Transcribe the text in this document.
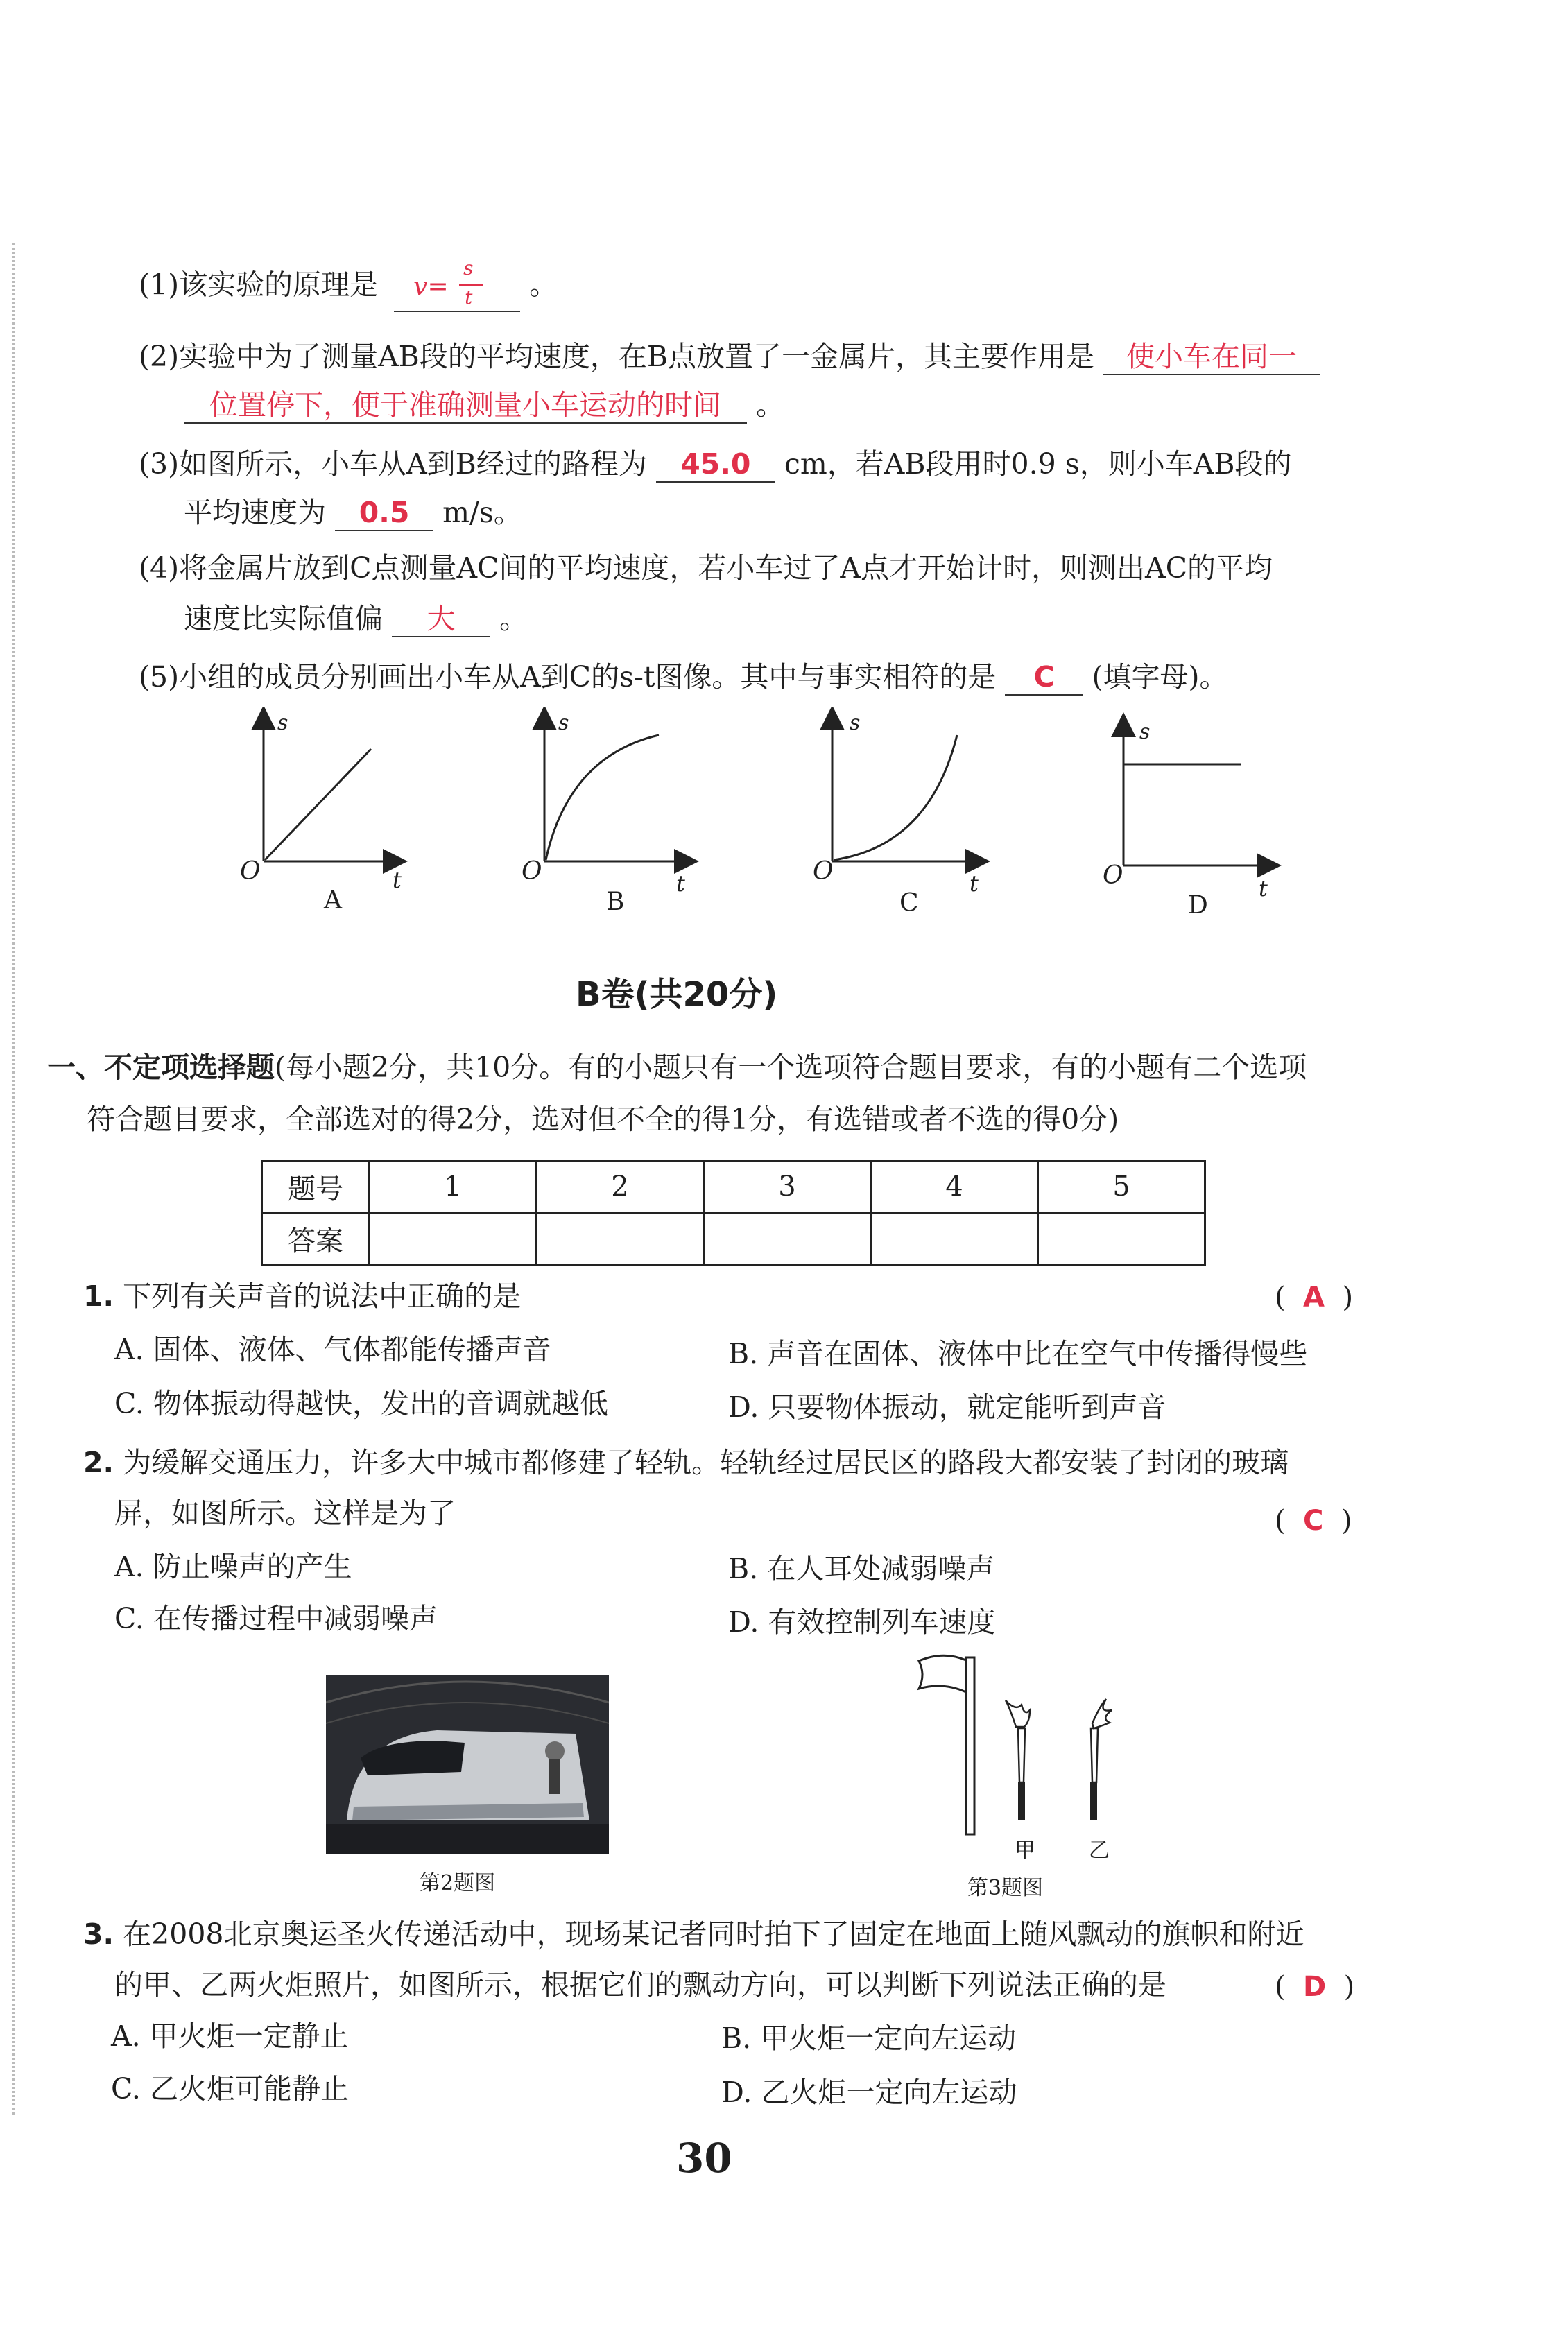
(1)该实验的原理是 v=
s
t 。
(2)实验中为了测量AB段的平均速度，在B点放置了一金属片，其主要作用是 使小车在同一
位置停下，便于准确测量小车运动的时间 。
(3)如图所示，小车从A到B经过的路程为 45.0 cm，若AB段用时0.9 s，则小车AB段的
平均速度为 0.5 m/s。
(4)将金属片放到C点测量AC间的平均速度，若小车过了A点才开始计时，则测出AC的平均
速度比实际值偏 大 。
(5)小组的成员分别画出小车从A到C的s-t图像。其中与事实相符的是 C (填字母)。
s
O	t
A
s
O	t
B
s
O	t
C
s
O	t
D
B卷(共20分)
一、不定项选择题(每小题2分，共10分。有的小题只有一个选项符合题目要求，有的小题有二个选项
符合题目要求，全部选对的得2分，选对但不全的得1分，有选错或者不选的得0分)
题号	1	2	3	4	5
答案					
1. 下列有关声音的说法中正确的是	(  A  )
A. 固体、液体、气体都能传播声音	B. 声音在固体、液体中比在空气中传播得慢些
C. 物体振动得越快，发出的音调就越低	D. 只要物体振动，就定能听到声音
2. 为缓解交通压力，许多大中城市都修建了轻轨。轻轨经过居民区的路段大都安装了封闭的玻璃
屏，如图所示。这样是为了	(  C  )
A. 防止噪声的产生	B. 在人耳处减弱噪声
C. 在传播过程中减弱噪声	D. 有效控制列车速度
第2题图
甲	乙
第3题图
3. 在2008北京奥运圣火传递活动中，现场某记者同时拍下了固定在地面上随风飘动的旗帜和附近
的甲、乙两火炬照片，如图所示，根据它们的飘动方向，可以判断下列说法正确的是	(  D  )
A. 甲火炬一定静止	B. 甲火炬一定向左运动
C. 乙火炬可能静止	D. 乙火炬一定向左运动
30
